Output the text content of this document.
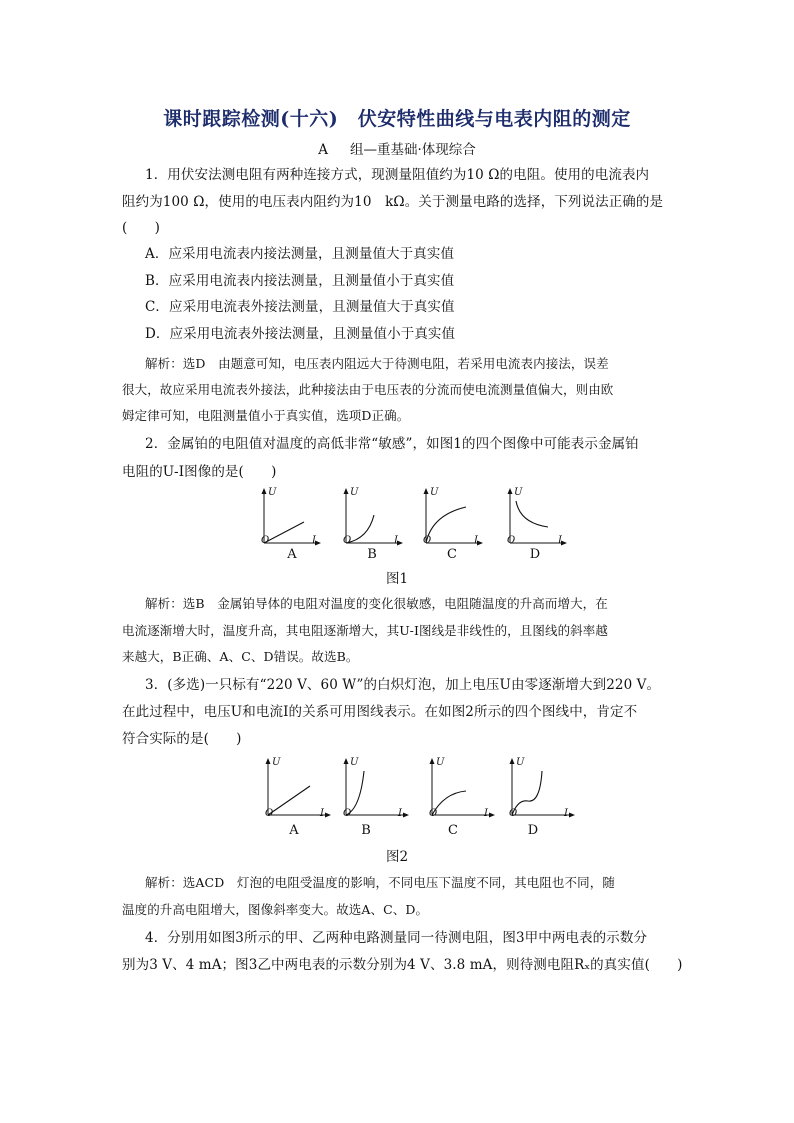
课时跟踪检测(十六)　伏安特性曲线与电表内阻的测定
A 组—重基础·体现综合
1．用伏安法测电阻有两种连接方式，现测量阻值约为10 Ω的电阻。使用的电流表内
阻约为100 Ω，使用的电压表内阻约为10　kΩ。关于测量电路的选择，下列说法正确的是
(　　)
A．应采用电流表内接法测量，且测量值大于真实值
B．应采用电流表内接法测量，且测量值小于真实值
C．应采用电流表外接法测量，且测量值大于真实值
D．应采用电流表外接法测量，且测量值小于真实值
解析：选D　由题意可知，电压表内阻远大于待测电阻，若采用电流表内接法，误差
很大，故应采用电流表外接法，此种接法由于电压表的分流而使电流测量值偏大，则由欧
姆定律可知，电阻测量值小于真实值，选项D正确。
2．金属铂的电阻值对温度的高低非常“敏感”，如图1的四个图像中可能表示金属铂
电阻的U-I图像的是(　　)
U
O	I
U
O	I
U
O	I
U
O	I
A	B	C	D
图1
解析：选B　金属铂导体的电阻对温度的变化很敏感，电阻随温度的升高而增大，在
电流逐渐增大时，温度升高，其电阻逐渐增大，其U-I图线是非线性的，且图线的斜率越
来越大，B正确、A、C、D错误。故选B。
3．(多选)一只标有“220 V、60 W”的白炽灯泡，加上电压U由零逐渐增大到220 V。
在此过程中，电压U和电流I的关系可用图线表示。在如图2所示的四个图线中，肯定不
符合实际的是(　　)
U
O	I
U
O	I
U
O	I
U
O	I
A	B	C	D
图2
解析：选ACD　灯泡的电阻受温度的影响，不同电压下温度不同，其电阻也不同，随
温度的升高电阻增大，图像斜率变大。故选A、C、D。
4．分别用如图3所示的甲、乙两种电路测量同一待测电阻，图3甲中两电表的示数分
别为3 V、4 mA；图3乙中两电表的示数分别为4 V、3.8 mA，则待测电阻Rₓ的真实值(　　)
